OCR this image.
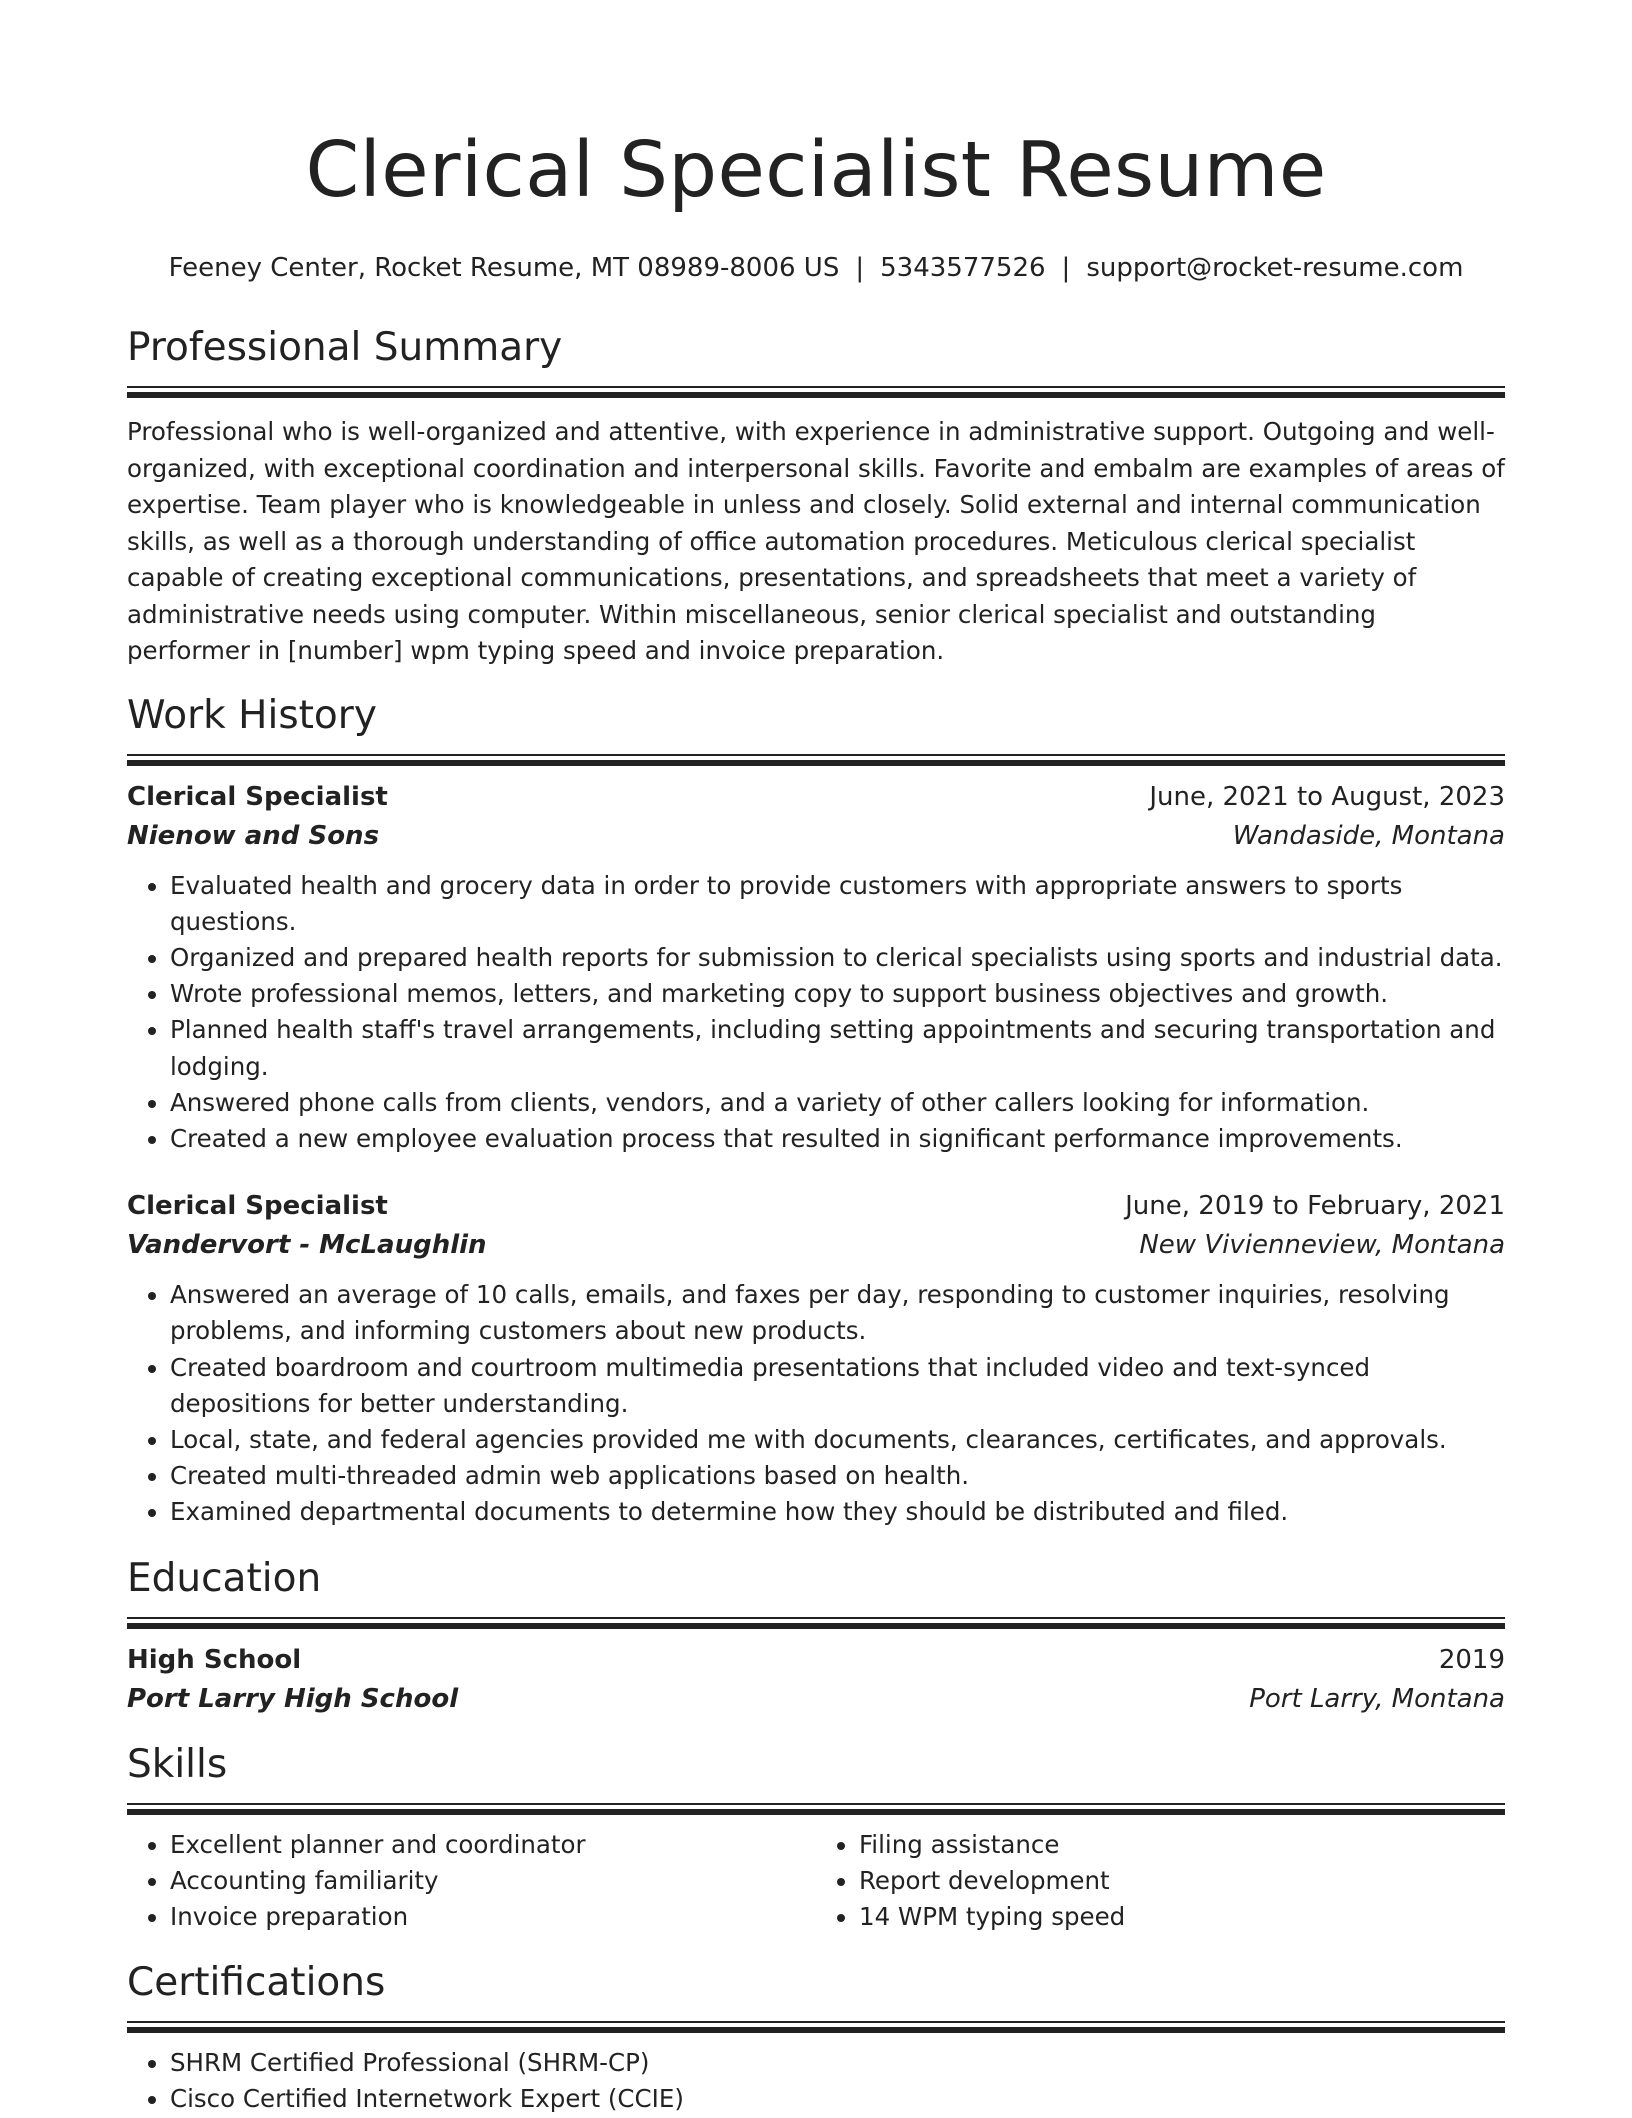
Clerical Specialist Resume
Feeney Center, Rocket Resume, MT 08989-8006 US | 5343577526 | support@rocket-resume.com
Professional Summary
Professional who is well-organized and attentive, with experience in administrative support. Outgoing and well-organized, with exceptional coordination and interpersonal skills. Favorite and embalm are examples of areas of expertise. Team player who is knowledgeable in unless and closely. Solid external and internal communication skills, as well as a thorough understanding of office automation procedures. Meticulous clerical specialist capable of creating exceptional communications, presentations, and spreadsheets that meet a variety of administrative needs using computer. Within miscellaneous, senior clerical specialist and outstanding performer in [number] wpm typing speed and invoice preparation.
Work History
Clerical Specialist	June, 2021 to August, 2023
Nienow and Sons	Wandaside, Montana
• Evaluated health and grocery data in order to provide customers with appropriate answers to sports questions.
• Organized and prepared health reports for submission to clerical specialists using sports and industrial data.
• Wrote professional memos, letters, and marketing copy to support business objectives and growth.
• Planned health staff's travel arrangements, including setting appointments and securing transportation and lodging.
• Answered phone calls from clients, vendors, and a variety of other callers looking for information.
• Created a new employee evaluation process that resulted in significant performance improvements.
Clerical Specialist	June, 2019 to February, 2021
Vandervort - McLaughlin	New Vivienneview, Montana
• Answered an average of 10 calls, emails, and faxes per day, responding to customer inquiries, resolving problems, and informing customers about new products.
• Created boardroom and courtroom multimedia presentations that included video and text-synced depositions for better understanding.
• Local, state, and federal agencies provided me with documents, clearances, certificates, and approvals.
• Created multi-threaded admin web applications based on health.
• Examined departmental documents to determine how they should be distributed and filed.
Education
High School	2019
Port Larry High School	Port Larry, Montana
Skills
• Excellent planner and coordinator
• Accounting familiarity
• Invoice preparation
• Filing assistance
• Report development
• 14 WPM typing speed
Certifications
• SHRM Certified Professional (SHRM-CP)
• Cisco Certified Internetwork Expert (CCIE)
